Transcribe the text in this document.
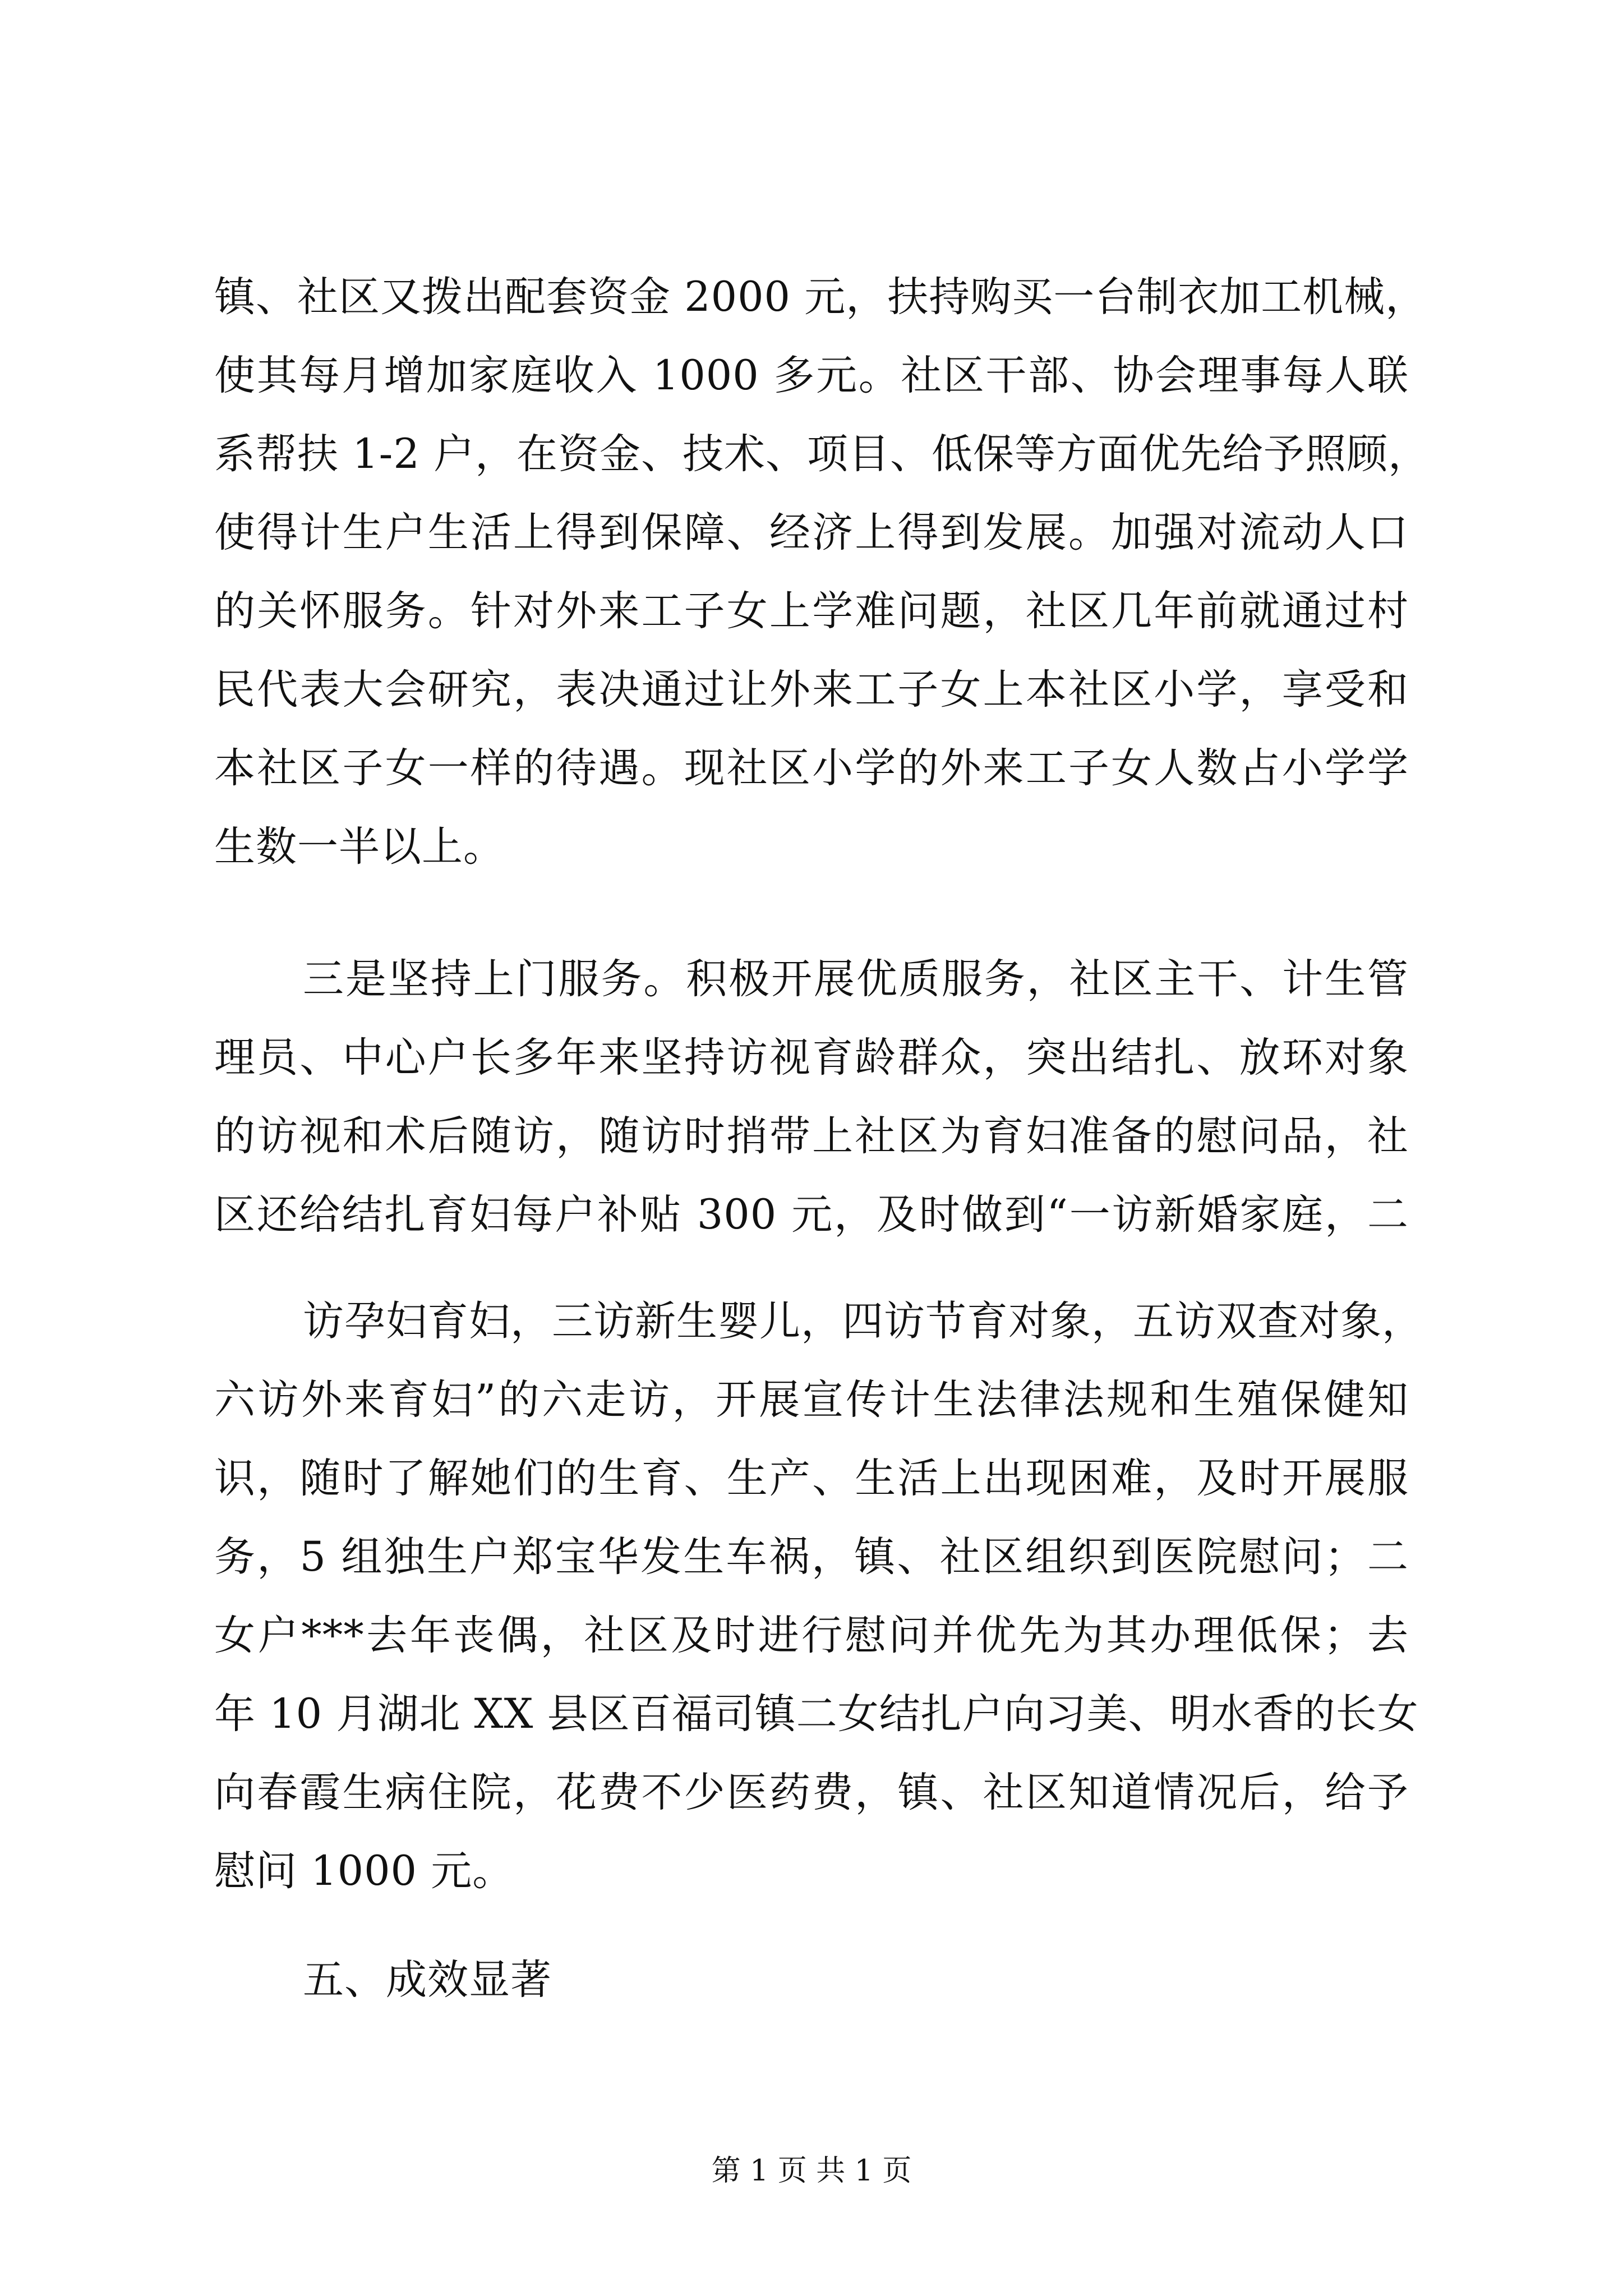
镇、社区又拨出配套资金 2000 元，扶持购买一台制衣加工机械，
使其每月增加家庭收入 1000 多元。社区干部、协会理事每人联
系帮扶 1-2 户，在资金、技术、项目、低保等方面优先给予照顾，
使得计生户生活上得到保障、经济上得到发展。加强对流动人口
的关怀服务。针对外来工子女上学难问题，社区几年前就通过村
民代表大会研究，表决通过让外来工子女上本社区小学，享受和
本社区子女一样的待遇。现社区小学的外来工子女人数占小学学
生数一半以上。
三是坚持上门服务。积极开展优质服务，社区主干、计生管
理员、中心户长多年来坚持访视育龄群众，突出结扎、放环对象
的访视和术后随访，随访时捎带上社区为育妇准备的慰问品，社
区还给结扎育妇每户补贴 300 元，及时做到“一访新婚家庭，二
访孕妇育妇，三访新生婴儿，四访节育对象，五访双查对象，
六访外来育妇”的六走访，开展宣传计生法律法规和生殖保健知
识，随时了解她们的生育、生产、生活上出现困难，及时开展服
务，5 组独生户郑宝华发生车祸，镇、社区组织到医院慰问；二
女户***去年丧偶，社区及时进行慰问并优先为其办理低保；去
年 10 月湖北 XX 县区百福司镇二女结扎户向习美、明水香的长女
向春霞生病住院，花费不少医药费，镇、社区知道情况后，给予
慰问 1000 元。
五、成效显著
第 1 页 共 1 页
